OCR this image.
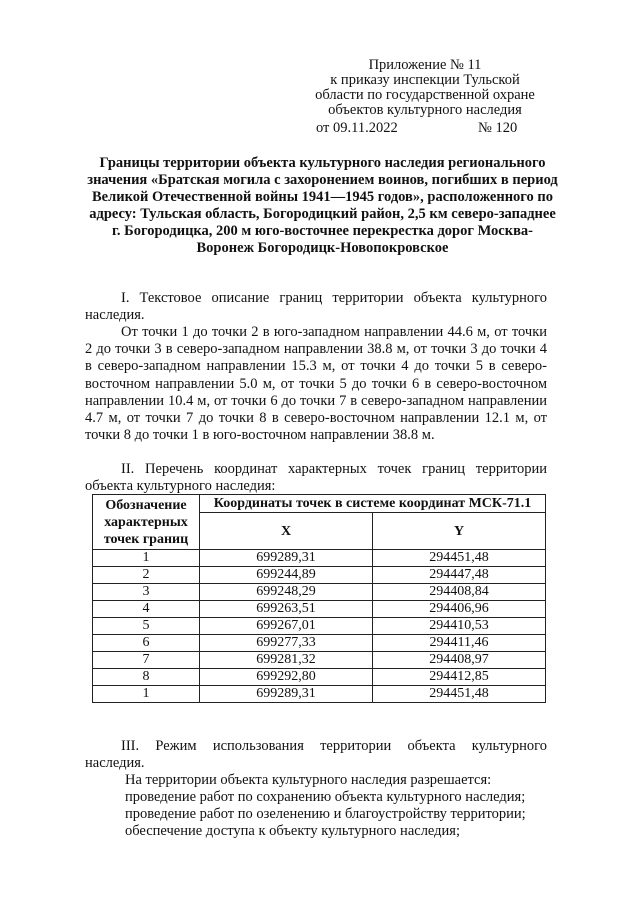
Приложение № 11
к приказу инспекции Тульской
области по государственной охране
объектов культурного наследия
от 09.11.2022	№ 120
Границы территории объекта культурного наследия регионального значения «Братская могила с захоронением воинов, погибших в период Великой Отечественной войны 1941—1945 годов», расположенного по адресу: Тульская область, Богородицкий район, 2,5 км северо-западнее г. Богородицка, 200 м юго-восточнее перекрестка дорог Москва-Воронеж Богородицк-Новопокровское
I. Текстовое описание границ территории объекта культурного наследия.
От точки 1 до точки 2 в юго-западном направлении 44.6 м, от точки 2 до точки 3 в северо-западном направлении 38.8 м, от точки 3 до точки 4 в северо-западном направлении 15.3 м, от точки 4 до точки 5 в северо-восточном направлении 5.0 м, от точки 5 до точки 6 в северо-восточном направлении 10.4 м, от точки 6 до точки 7 в северо-западном направлении 4.7 м, от точки 7 до точки 8 в северо-восточном направлении 12.1 м, от точки 8 до точки 1 в юго-восточном направлении 38.8 м.
II. Перечень координат характерных точек границ территории объекта культурного наследия:
Обозначение характерных точек границ	Координаты точек в системе координат МСК-71.1	
	X	Y
1	699289,31	294451,48
2	699244,89	294447,48
3	699248,29	294408,84
4	699263,51	294406,96
5	699267,01	294410,53
6	699277,33	294411,46
7	699281,32	294408,97
8	699292,80	294412,85
1	699289,31	294451,48
III. Режим использования территории объекта культурного наследия.
На территории объекта культурного наследия разрешается:
проведение работ по сохранению объекта культурного наследия;
проведение работ по озеленению и благоустройству территории;
обеспечение доступа к объекту культурного наследия;
